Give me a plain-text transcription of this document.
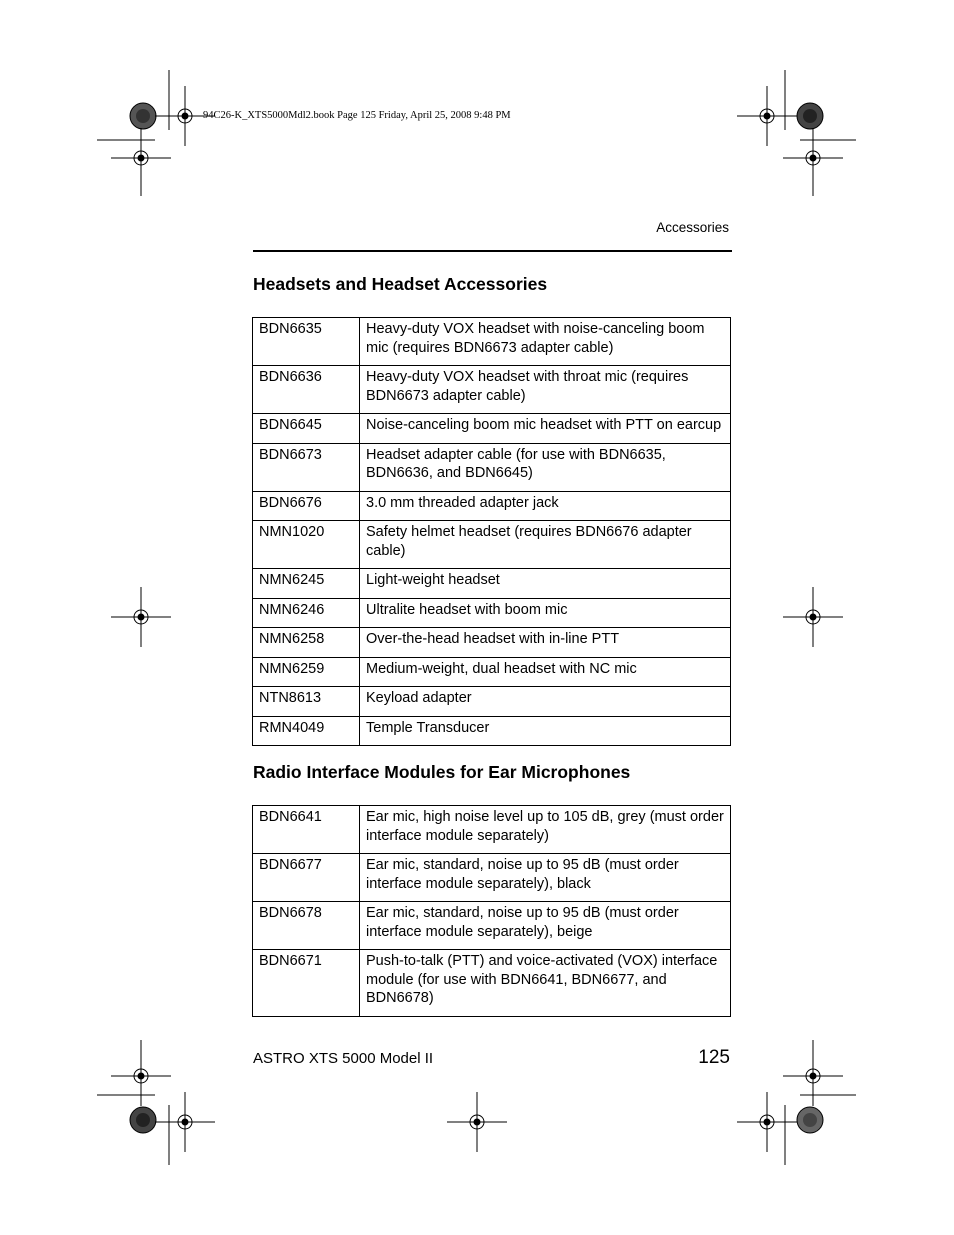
94C26-K_XTS5000Mdl2.book Page 125 Friday, April 25, 2008 9:48 PM
Accessories
Headsets and Headset Accessories
BDN6635	Heavy-duty VOX headset with noise-canceling boom mic (requires BDN6673 adapter cable)
BDN6636	Heavy-duty VOX headset with throat mic (requires BDN6673 adapter cable)
BDN6645	Noise-canceling boom mic headset with PTT on earcup
BDN6673	Headset adapter cable (for use with BDN6635, BDN6636, and BDN6645)
BDN6676	3.0 mm threaded adapter jack
NMN1020	Safety helmet headset (requires BDN6676 adapter cable)
NMN6245	Light-weight headset
NMN6246	Ultralite headset with boom mic
NMN6258	Over-the-head headset with in-line PTT
NMN6259	Medium-weight, dual headset with NC mic
NTN8613	Keyload adapter
RMN4049	Temple Transducer
Radio Interface Modules for Ear Microphones
BDN6641	Ear mic, high noise level up to 105 dB, grey (must order interface module separately)
BDN6677	Ear mic, standard, noise up to 95 dB (must order interface module separately), black
BDN6678	Ear mic, standard, noise up to 95 dB (must order interface module separately), beige
BDN6671	Push-to-talk (PTT) and voice-activated (VOX) interface module (for use with BDN6641, BDN6677, and BDN6678)
ASTRO XTS 5000 Model II	125
